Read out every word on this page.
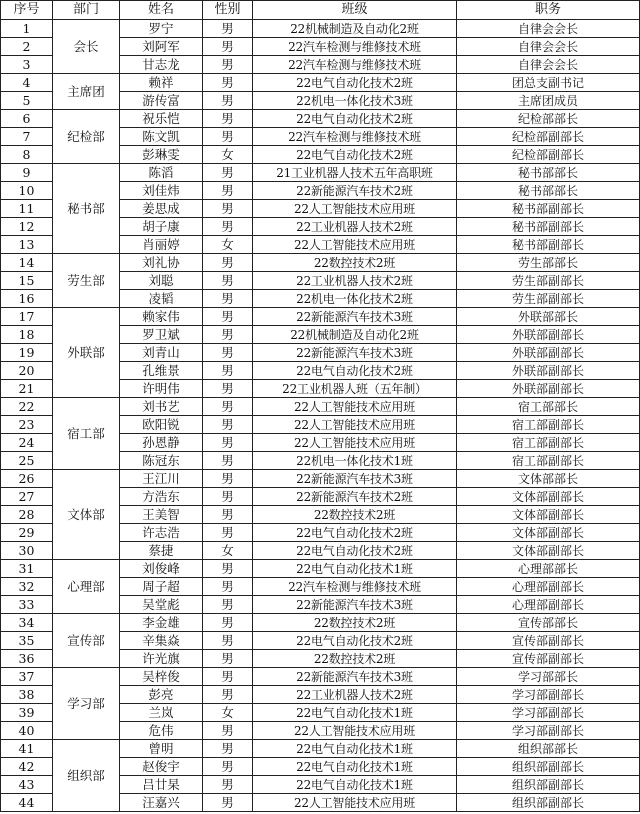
序号	部门	姓名	性别	班级	职务
1	会长	罗宁	男	22机械制造及自动化2班	自律会会长
2		刘阿军	男	22汽车检测与维修技术班	自律会会长
3		甘志龙	男	22汽车检测与维修技术班	自律会会长
4	主席团	赖祥	男	22电气自动化技术2班	团总支副书记
5		游传富	男	22机电一体化技术3班	主席团成员
6	纪检部	祝乐恺	男	22电气自动化技术2班	纪检部部长
7		陈文凯	男	22汽车检测与维修技术班	纪检部副部长
8		彭琳雯	女	22电气自动化技术2班	纪检部副部长
9	秘书部	陈滔	男	21工业机器人技术五年高职班	秘书部部长
10		刘佳炜	男	22新能源汽车技术2班	秘书部部长
11		姜思成	男	22人工智能技术应用班	秘书部副部长
12		胡子康	男	22工业机器人技术2班	秘书部副部长
13		肖丽婷	女	22人工智能技术应用班	秘书部副部长
14	劳生部	刘礼协	男	22数控技术2班	劳生部部长
15		刘聪	男	22工业机器人技术2班	劳生部副部长
16		凌韬	男	22机电一体化技术2班	劳生部副部长
17	外联部	赖家伟	男	22新能源汽车技术3班	外联部部长
18		罗卫斌	男	22机械制造及自动化2班	外联部副部长
19		刘青山	男	22新能源汽车技术3班	外联部副部长
20		孔维景	男	22电气自动化技术2班	外联部副部长
21		许明伟	男	22工业机器人班（五年制）	外联部副部长
22	宿工部	刘书艺	男	22人工智能技术应用班	宿工部部长
23		欧阳锐	男	22人工智能技术应用班	宿工部副部长
24		孙恩静	男	22人工智能技术应用班	宿工部副部长
25		陈冠东	男	22机电一体化技术1班	宿工部副部长
26	文体部	王江川	男	22新能源汽车技术3班	文体部部长
27		方浩东	男	22新能源汽车技术2班	文体部副部长
28		王美智	男	22数控技术2班	文体部副部长
29		许志浩	男	22电气自动化技术2班	文体部副部长
30		蔡捷	女	22电气自动化技术2班	文体部副部长
31	心理部	刘俊峰	男	22电气自动化技术1班	心理部部长
32		周子超	男	22汽车检测与维修技术班	心理部副部长
33		吴堂彪	男	22新能源汽车技术3班	心理部副部长
34	宣传部	李金雄	男	22数控技术2班	宣传部部长
35		辛集焱	男	22电气自动化技术2班	宣传部副部长
36		许光旗	男	22数控技术2班	宣传部副部长
37	学习部	吴梓俊	男	22新能源汽车技术3班	学习部部长
38		彭亮	男	22工业机器人技术2班	学习部副部长
39		兰岚	女	22电气自动化技术1班	学习部副部长
40		危伟	男	22人工智能技术应用班	学习部副部长
41	组织部	曾明	男	22电气自动化技术1班	组织部部长
42		赵俊宇	男	22电气自动化技术1班	组织部副部长
43		吕廿杲	男	22电气自动化技术1班	组织部副部长
44		汪嘉兴	男	22人工智能技术应用班	组织部副部长
